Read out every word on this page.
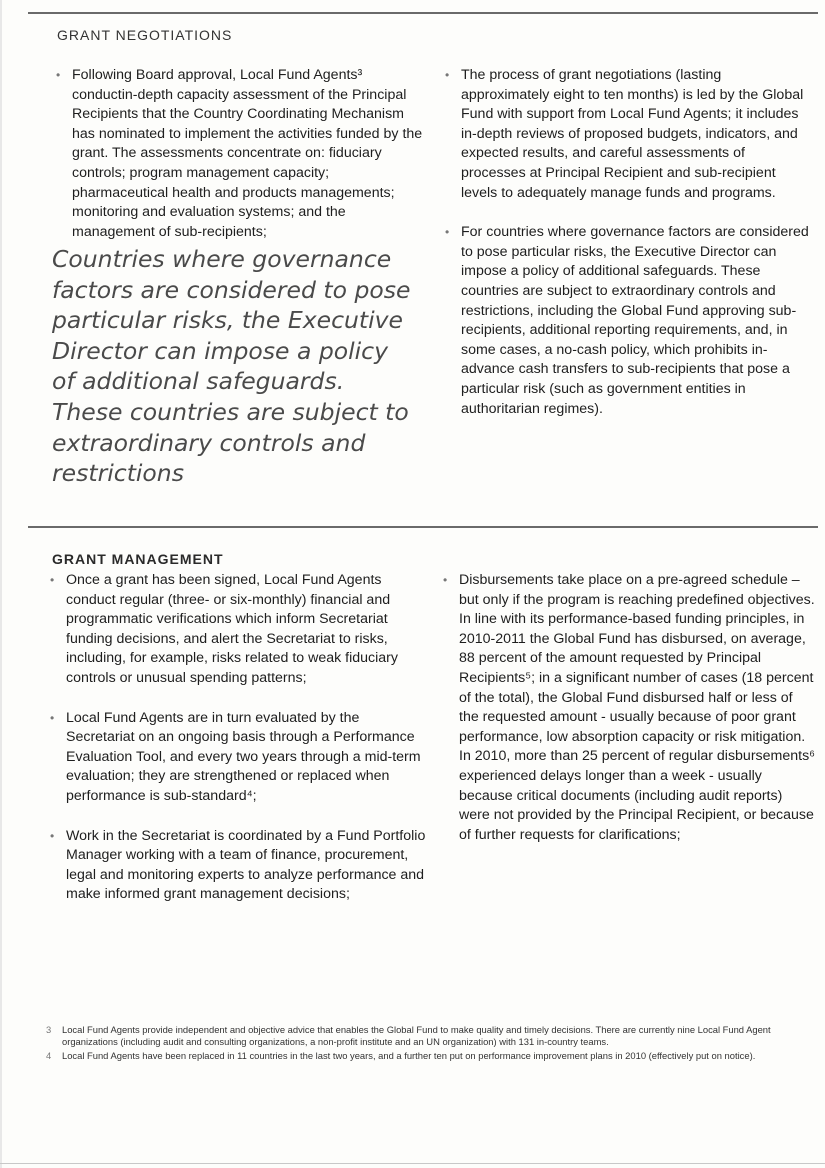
GRANT NEGOTIATIONS
• Following Board approval, Local Fund Agents³ conductin-depth capacity assessment of the Principal Recipients that the Country Coordinating Mechanism has nominated to implement the activities funded by the grant. The assessments concentrate on: fiduciary controls; program management capacity; pharmaceutical health and products managements; monitoring and evaluation systems; and the management of sub-recipients;

Countries where governance factors are considered to pose particular risks, the Executive Director can impose a policy of additional safeguards. These countries are subject to extraordinary controls and restrictions

• The process of grant negotiations (lasting approximately eight to ten months) is led by the Global Fund with support from Local Fund Agents; it includes in-depth reviews of proposed budgets, indicators, and expected results, and careful assessments of processes at Principal Recipient and sub-recipient levels to adequately manage funds and programs.
• For countries where governance factors are considered to pose particular risks, the Executive Director can impose a policy of additional safeguards. These countries are subject to extraordinary controls and restrictions, including the Global Fund approving sub-recipients, additional reporting requirements, and, in some cases, a no-cash policy, which prohibits in-advance cash transfers to sub-recipients that pose a particular risk (such as government entities in authoritarian regimes).
GRANT MANAGEMENT
• Once a grant has been signed, Local Fund Agents conduct regular (three- or six-monthly) financial and programmatic verifications which inform Secretariat funding decisions, and alert the Secretariat to risks, including, for example, risks related to weak fiduciary controls or unusual spending patterns;
• Local Fund Agents are in turn evaluated by the Secretariat on an ongoing basis through a Performance Evaluation Tool, and every two years through a mid-term evaluation; they are strengthened or replaced when performance is sub-standard⁴;
• Work in the Secretariat is coordinated by a Fund Portfolio Manager working with a team of finance, procurement, legal and monitoring experts to analyze performance and make informed grant management decisions;
• Disbursements take place on a pre-agreed schedule – but only if the program is reaching predefined objectives. In line with its performance-based funding principles, in 2010-2011 the Global Fund has disbursed, on average, 88 percent of the amount requested by Principal Recipients⁵; in a significant number of cases (18 percent of the total), the Global Fund disbursed half or less of the requested amount - usually because of poor grant performance, low absorption capacity or risk mitigation. In 2010, more than 25 percent of regular disbursements⁶ experienced delays longer than a week - usually because critical documents (including audit reports) were not provided by the Principal Recipient, or because of further requests for clarifications;
3 Local Fund Agents provide independent and objective advice that enables the Global Fund to make quality and timely decisions. There are currently nine Local Fund Agent organizations (including audit and consulting organizations, a non-profit institute and an UN organization) with 131 in-country teams.
4 Local Fund Agents have been replaced in 11 countries in the last two years, and a further ten put on performance improvement plans in 2010 (effectively put on notice).
